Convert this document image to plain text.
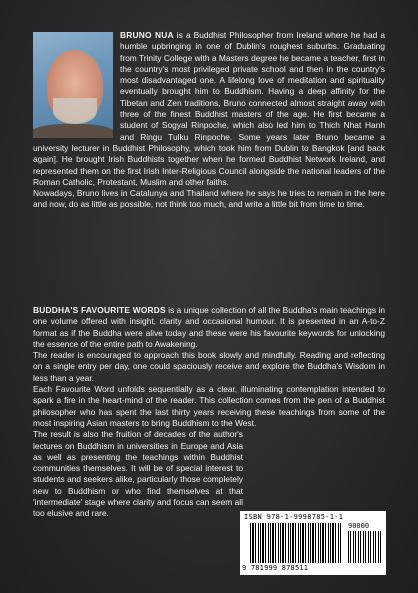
BRUNO NUA is a Buddhist Philosopher from Ireland where he had a humble upbringing in one of Dublin's roughest suburbs. Graduating from Trinity College with a Masters degree he became a teacher, first in the country's most privileged private school and then in the country's most disadvantaged one. A lifelong love of meditation and spirituality eventually brought him to Buddhism. Having a deep affinity for the Tibetan and Zen traditions, Bruno connected almost straight away with three of the finest Buddhist masters of the age. He first became a student of Sogyal Rinpoche, which also led him to Thich Nhat Hanh and Ringu Tulku Rinpoche. Some years later Bruno became a university lecturer in Buddhist Philosophy, which took him from Dublin to Bangkok [and back again]. He brought Irish Buddhists together when he formed Buddhist Network Ireland, and represented them on the first Irish Inter-Religious Council alongside the national leaders of the Roman Catholic, Protestant, Muslim and other faiths.

Nowadays, Bruno lives in Catalunya and Thailand where he says he tries to remain in the here and now, do as little as possible, not think too much, and write a little bit from time to time.

BUDDHA'S FAVOURITE WORDS is a unique collection of all the Buddha's main teachings in one volume offered with insight, clarity and occasional humour. It is presented in an A-to-Z format as if the Buddha were alive today and these were his favourite keywords for unlocking the essence of the entire path to Awakening.

The reader is encouraged to approach this book slowly and mindfully. Reading and reflecting on a single entry per day, one could spaciously receive and explore the Buddha's Wisdom in less than a year.

Each Favourite Word unfolds sequentially as a clear, illuminating contemplation intended to spark a fire in the heart-mind of the reader. This collection comes from the pen of a Buddhist philosopher who has spent the last thirty years receiving these teachings from some of the most inspiring Asian masters to bring Buddhism to the West.

The result is also the fruition of decades of the author's lectures on Buddhism in universities in Europe and Asia as well as presenting the teachings within Buddhist communities themselves. It will be of special interest to students and seekers alike, particularly those completely new to Buddhism or who find themselves at that 'intermediate' stage where clarity and focus can seem all too elusive and rare.	ISBN 978-1-9998785-1-1
90000
9 781999 878511
